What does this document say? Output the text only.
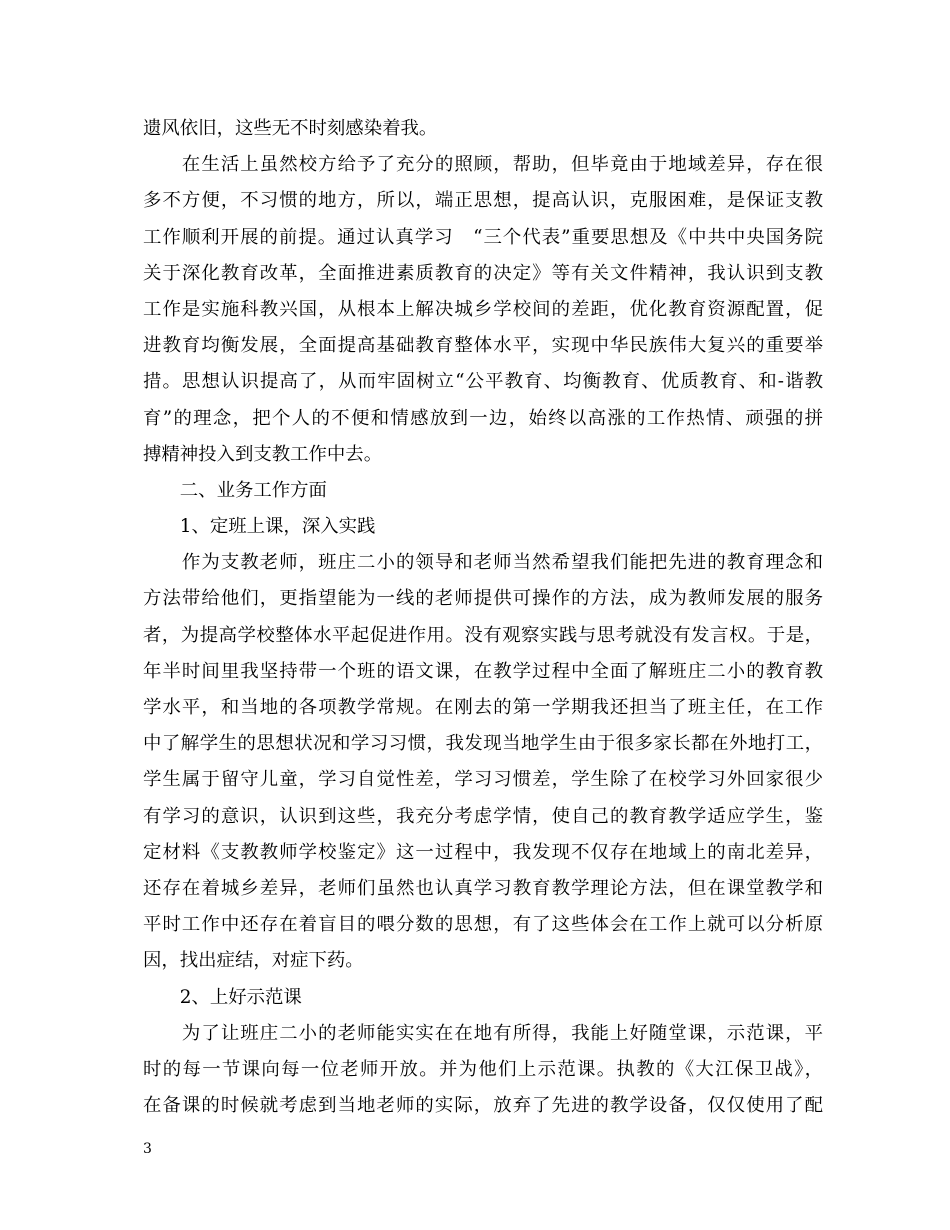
遗风依旧，这些无不时刻感染着我。
　　在生活上虽然校方给予了充分的照顾，帮助，但毕竟由于地域差异，存在很
多不方便，不习惯的地方，所以，端正思想，提高认识，克服困难，是保证支教
工作顺利开展的前提。通过认真学习　“三个代表”重要思想及《中共中央国务院
关于深化教育改革，全面推进素质教育的决定》等有关文件精神，我认识到支教
工作是实施科教兴国，从根本上解决城乡学校间的差距，优化教育资源配置，促
进教育均衡发展，全面提高基础教育整体水平，实现中华民族伟大复兴的重要举
措。思想认识提高了，从而牢固树立“公平教育、均衡教育、优质教育、和-谐教
育”的理念，把个人的不便和情感放到一边，始终以高涨的工作热情、顽强的拼
搏精神投入到支教工作中去。
　　二、业务工作方面
　　1、定班上课，深入实践
　　作为支教老师，班庄二小的领导和老师当然希望我们能把先进的教育理念和
方法带给他们，更指望能为一线的老师提供可操作的方法，成为教师发展的服务
者，为提高学校整体水平起促进作用。没有观察实践与思考就没有发言权。于是，
年半时间里我坚持带一个班的语文课，在教学过程中全面了解班庄二小的教育教
学水平，和当地的各项教学常规。在刚去的第一学期我还担当了班主任，在工作
中了解学生的思想状况和学习习惯，我发现当地学生由于很多家长都在外地打工，
学生属于留守儿童，学习自觉性差，学习习惯差，学生除了在校学习外回家很少
有学习的意识，认识到这些，我充分考虑学情，使自己的教育教学适应学生，鉴
定材料《支教教师学校鉴定》这一过程中，我发现不仅存在地域上的南北差异，
还存在着城乡差异，老师们虽然也认真学习教育教学理论方法，但在课堂教学和
平时工作中还存在着盲目的喂分数的思想，有了这些体会在工作上就可以分析原
因，找出症结，对症下药。
　　2、上好示范课
　　为了让班庄二小的老师能实实在在地有所得，我能上好随堂课，示范课，平
时的每一节课向每一位老师开放。并为他们上示范课。执教的《大江保卫战》，
在备课的时候就考虑到当地老师的实际，放弃了先进的教学设备，仅仅使用了配
3
